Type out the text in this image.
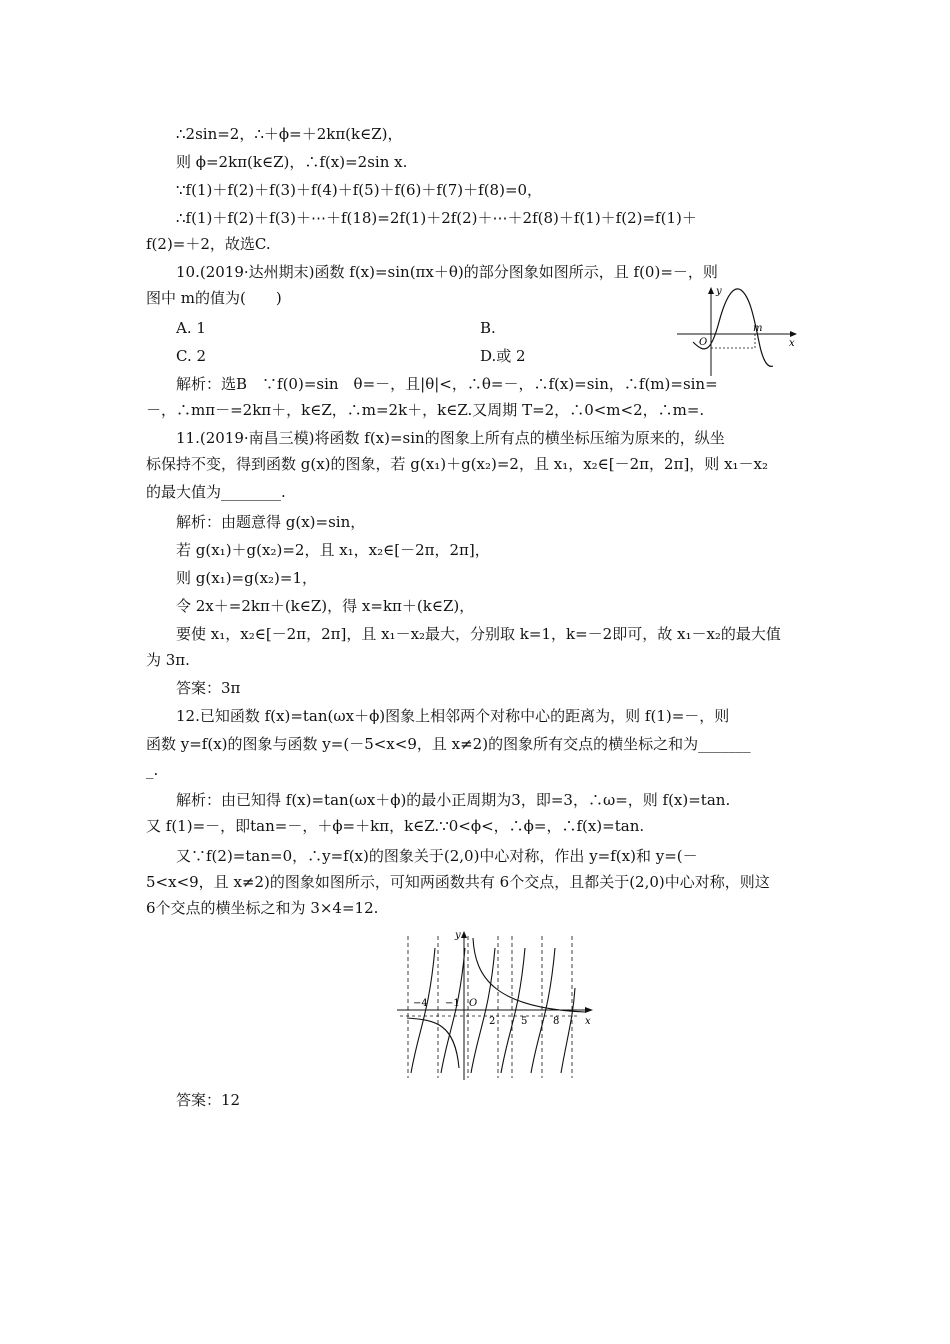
∴2sin=2，∴＋ϕ=＋2kπ(k∈Z)，
则 ϕ=2kπ(k∈Z)，∴f(x)=2sin x.
∵f(1)＋f(2)＋f(3)＋f(4)＋f(5)＋f(6)＋f(7)＋f(8)=0，
∴f(1)＋f(2)＋f(3)＋⋯＋f(18)=2f(1)＋2f(2)＋⋯＋2f(8)＋f(1)＋f(2)=f(1)＋
f(2)=＋2，故选C.
10.(2019·达州期末)函数 f(x)=sin(πx＋θ)的部分图象如图所示，且 f(0)=－，则
图中 m的值为(　　)
解析：选B　∵f(0)=sin　θ=－，且|θ|<，∴θ=－，∴f(x)=sin，∴f(m)=sin=
－，∴mπ－=2kπ＋，k∈Z，∴m=2k＋，k∈Z.又周期 T=2，∴0<m<2，∴m=.
11.(2019·南昌三模)将函数 f(x)=sin的图象上所有点的横坐标压缩为原来的，纵坐
标保持不变，得到函数 g(x)的图象，若 g(x₁)＋g(x₂)=2，且 x₁，x₂∈[－2π，2π]，则 x₁－x₂
的最大值为________.
解析：由题意得 g(x)=sin，
若 g(x₁)＋g(x₂)=2，且 x₁，x₂∈[－2π，2π]，
则 g(x₁)=g(x₂)=1，
令 2x＋=2kπ＋(k∈Z)，得 x=kπ＋(k∈Z)，
要使 x₁，x₂∈[－2π，2π]，且 x₁－x₂最大，分别取 k=1，k=－2即可，故 x₁－x₂的最大值
为 3π.
答案：3π
12.已知函数 f(x)=tan(ωx＋ϕ)图象上相邻两个对称中心的距离为，则 f(1)=－，则
函数 y=f(x)的图象与函数 y=(－5<x<9，且 x≠2)的图象所有交点的横坐标之和为_______
_.
解析：由已知得 f(x)=tan(ωx＋ϕ)的最小正周期为3，即=3，∴ω=，则 f(x)=tan.
又 f(1)=－，即tan=－，＋ϕ=＋kπ，k∈Z.∵0<ϕ<，∴ϕ=，∴f(x)=tan.
又∵f(2)=tan=0，∴y=f(x)的图象关于(2,0)中心对称，作出 y=f(x)和 y=(－
5<x<9，且 x≠2)的图象如图所示，可知两函数共有 6个交点，且都关于(2,0)中心对称，则这
6个交点的横坐标之和为 3×4=12.
答案：12
A. 1	B.
C. 2	D.或 2
y
x
O
m
y
x
O
−4 −1
2	5	8
